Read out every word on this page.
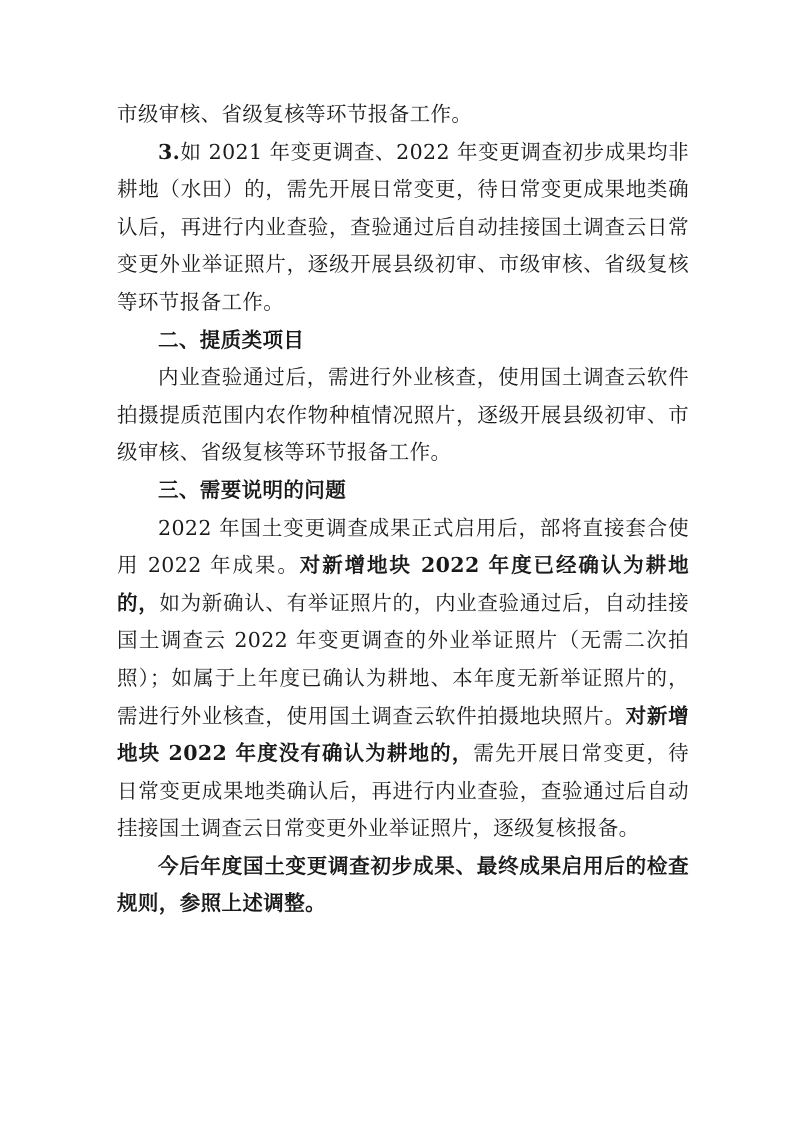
市级审核、省级复核等环节报备工作。

3.如 2021 年变更调查、2022 年变更调查初步成果均非耕地（水田）的，需先开展日常变更，待日常变更成果地类确认后，再进行内业查验，查验通过后自动挂接国土调查云日常变更外业举证照片，逐级开展县级初审、市级审核、省级复核等环节报备工作。

二、提质类项目

内业查验通过后，需进行外业核查，使用国土调查云软件拍摄提质范围内农作物种植情况照片，逐级开展县级初审、市级审核、省级复核等环节报备工作。

三、需要说明的问题

2022 年国土变更调查成果正式启用后，部将直接套合使用 2022 年成果。对新增地块 2022 年度已经确认为耕地的，如为新确认、有举证照片的，内业查验通过后，自动挂接国土调查云 2022 年变更调查的外业举证照片（无需二次拍照）；如属于上年度已确认为耕地、本年度无新举证照片的，需进行外业核查，使用国土调查云软件拍摄地块照片。对新增地块 2022 年度没有确认为耕地的，需先开展日常变更，待日常变更成果地类确认后，再进行内业查验，查验通过后自动挂接国土调查云日常变更外业举证照片，逐级复核报备。

今后年度国土变更调查初步成果、最终成果启用后的检查规则，参照上述调整。
